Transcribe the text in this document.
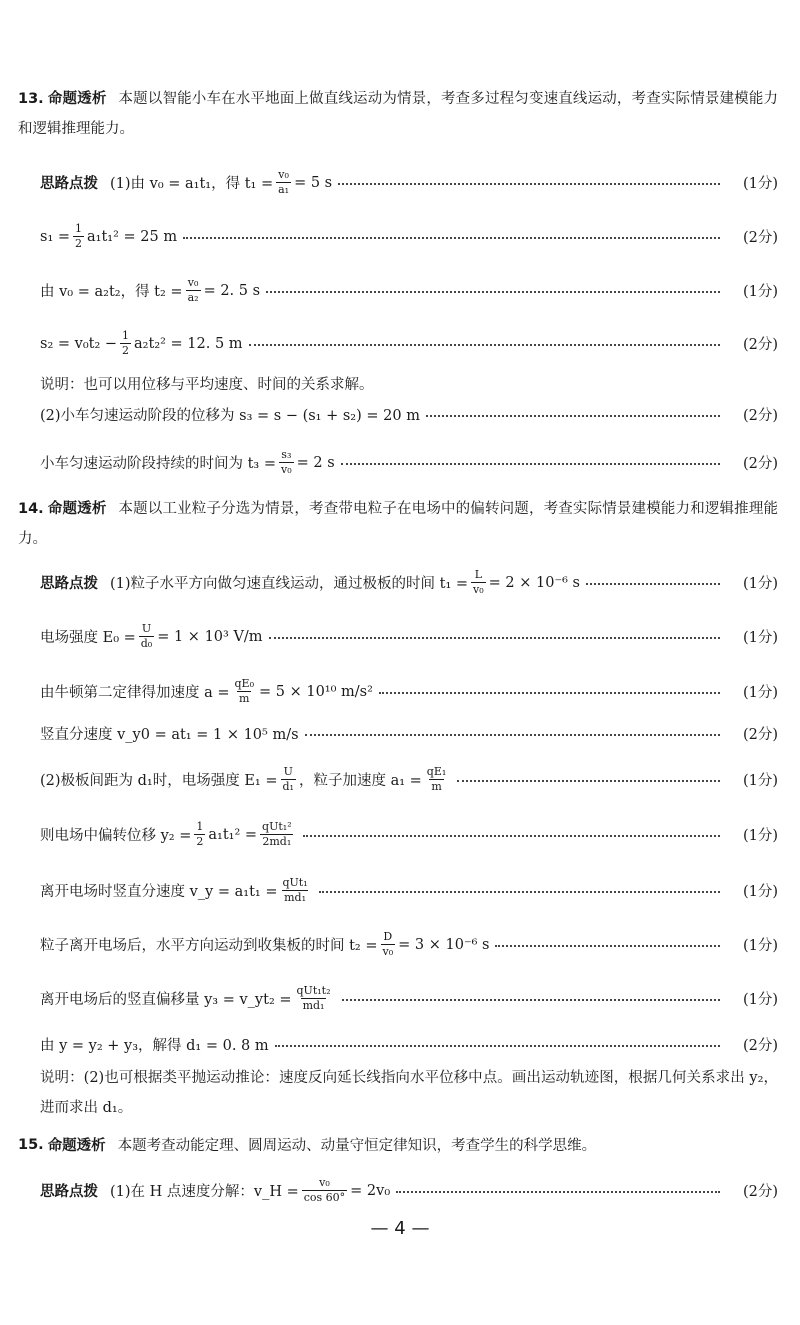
13. 命题透析 本题以智能小车在水平地面上做直线运动为情景，考查多过程匀变速直线运动，考查实际情景建模能力和逻辑推理能力。
思路点拨 (1)由 v₀ = a₁t₁，得 $t_1 = \frac{\text{v₀}}{\text{a₁}} = 5$ s	(1分)
$s_1 = \frac{1}{2} a_1t_1^2 = 25$ m	(2分)
由 v₀ = a₂t₂，得 $t_2 = \frac{\text{v₀}}{\text{a₂}} = 2$. 5 s	(1分)
$s_2 = v_0t_2 - \frac{1}{2} a_2t_2^2 = 12$. 5 m	(2分)
说明：也可以用位移与平均速度、时间的关系求解。
(2)小车匀速运动阶段的位移为 s₃ = s − (s₁ + s₂) = 20 m	(2分)
小车匀速运动阶段持续的时间为 $t_3 = \frac{\text{s₃}}{\text{v₀}} = 2$ s	(2分)
14. 命题透析 本题以工业粒子分选为情景，考查带电粒子在电场中的偏转问题，考查实际情景建模能力和逻辑推理能力。
思路点拨 (1)粒子水平方向做匀速直线运动，通过极板的时间 $t_1 = \frac{L}{\text{v₀}} = 2 \times 10^{-6}$ s	(1分)
电场强度 $E_0 = \frac{U}{\text{d₀}} = 1 \times 10^3$ V/m	(1分)
由牛顿第二定律得加速度 $a = \frac{\text{qE₀}}{m} = 5 \times 10^{10}$ m/s²	(1分)
竖直分速度 v_y0 = at₁ = 1 × 10⁵ m/s	(2分)
(2)极板间距为 d₁时，电场强度 $E_1 = \frac{U}{\text{d₁}}$ ，粒子加速度 $a_1 = \frac{\text{qE₁}}{m}$	(1分)
则电场中偏转位移 $y_2 = \frac{1}{2} a_1t_1^2 = \frac{\text{qUt₁²}}{\text{2md₁}}$	(1分)
离开电场时竖直分速度 v_y = $a_1t_1 = \frac{\text{qUt₁}}{\text{md₁}}$	(1分)
粒子离开电场后，水平方向运动到收集板的时间 $t_2 = \frac{D}{\text{v₀}} = 3 \times 10^{-6}$ s	(1分)
离开电场后的竖直偏移量 y₃ = v_yt₂ = $\frac{\text{qUt₁t₂}}{\text{md₁}}$	(1分)
由 y = y₂ + y₃，解得 d₁ = 0. 8 m	(2分)
说明：(2)也可根据类平抛运动推论：速度反向延长线指向水平位移中点。画出运动轨迹图，根据几何关系求出 y₂，进而求出 d₁。
15. 命题透析 本题考查动能定理、圆周运动、动量守恒定律知识，考查学生的科学思维。
思路点拨 (1)在 H 点速度分解：v_H = $\frac{\text{v₀}}{\cos 60^\circ} = 2v_0$	(2分)
— 4 —
